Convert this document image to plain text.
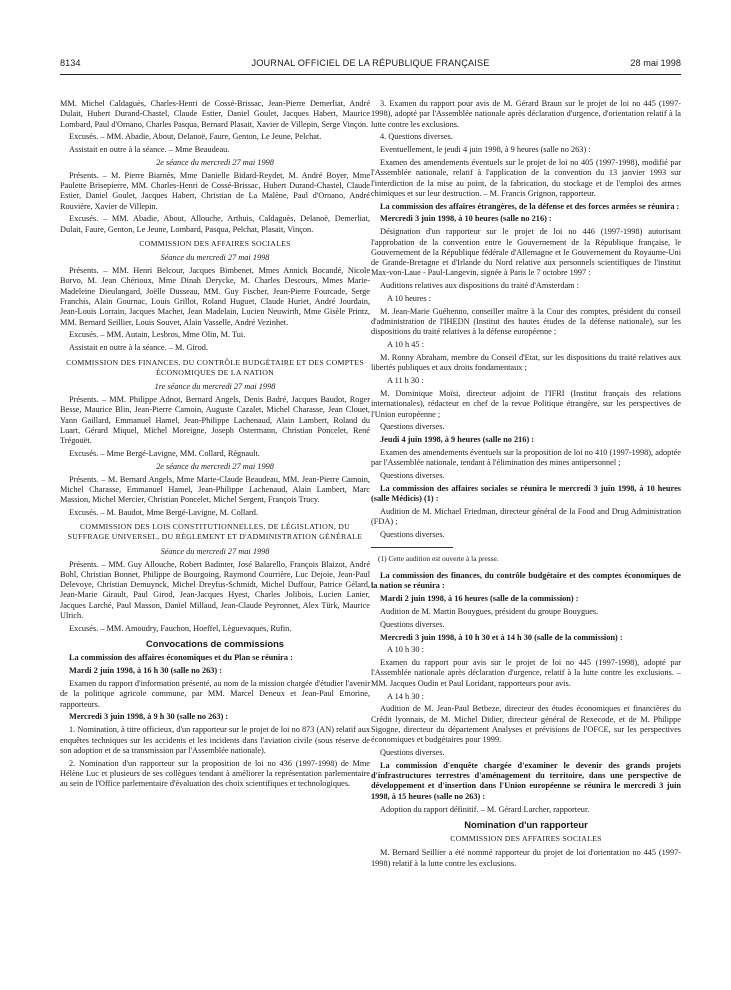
8134	JOURNAL OFFICIEL DE LA RÉPUBLIQUE FRANÇAISE	28 mai 1998

MM. Michel Caldaguès, Charles-Henri de Cossé-Brissac, Jean-Pierre Demerliat, André Dulait, Hubert Durand-Chastel, Claude Estier, Daniel Goulet, Jacques Habert, Maurice Lombard, Paul d'Ornano, Charles Pasqua, Bernard Plasait, Xavier de Villepin, Serge Vinçon.

Excusés. – MM. Abadie, About, Delanoë, Faure, Genton, Le Jeune, Pelchat.

Assistait en outre à la séance. – Mme Beaudeau.

2e séance du mercredi 27 mai 1998

Présents. – M. Pierre Biarnès, Mme Danielle Bidard-Reydet, M. André Boyer, Mme Paulette Brisepierre, MM. Charles-Henri de Cossé-Brissac, Hubert Durand-Chastel, Claude Estier, Daniel Goulet, Jacques Habert, Christian de La Malène, Paul d'Ornano, André Rouvière, Xavier de Villepin.

Excusés. – MM. Abadie, About, Allouche, Arthuis, Caldaguès, Delanoë, Demerliat, Dulait, Faure, Genton, Le Jeune, Lombard, Pasqua, Pelchat, Plasait, Vinçon.

COMMISSION DES AFFAIRES SOCIALES

Séance du mercredi 27 mai 1998

Présents. – MM. Henri Belcour, Jacques Bimbenet, Mmes Annick Bocandé, Nicole Borvo, M. Jean Chérioux, Mme Dinah Derycke, M. Charles Descours, Mmes Marie-Madeleine Dieulangard, Joëlle Dusseau, MM. Guy Fischer, Jean-Pierre Fourcade, Serge Franchis, Alain Gournac, Louis Grillot, Roland Huguet, Claude Huriet, André Jourdain, Jean-Louis Lorrain, Jacques Machet, Jean Madelain, Lucien Neuwirth, Mme Gisèle Printz, MM. Bernard Seillier, Louis Souvet, Alain Vasselle, André Vezinhet.

Excusés. – MM. Autain, Lesbros, Mme Olin, M. Tui.

Assistait en outre à la séance. – M. Girod.

COMMISSION DES FINANCES, DU CONTRÔLE BUDGÉTAIRE ET DES COMPTES ÉCONOMIQUES DE LA NATION

1re séance du mercredi 27 mai 1998

Présents. – MM. Philippe Adnot, Bernard Angels, Denis Badré, Jacques Baudot, Roger Besse, Maurice Blin, Jean-Pierre Camoin, Auguste Cazalet, Michel Charasse, Jean Clouet, Yann Gaillard, Emmanuel Hamel, Jean-Philippe Lachenaud, Alain Lambert, Roland du Luart, Gérard Miquel, Michel Moreigne, Joseph Ostermann, Christian Poncelet, René Trégouët.

Excusés. – Mme Bergé-Lavigne, MM. Collard, Régnault.

2e séance du mercredi 27 mai 1998

Présents. – M. Bernard Angels, Mme Marie-Claude Beaudeau, MM. Jean-Pierre Camoin, Michel Charasse, Emmanuel Hamel, Jean-Philippe Lachenaud, Alain Lambert, Marc Massion, Michel Mercier, Christian Poncelet, Michel Sergent, François Trucy.

Excusés. – M. Baudot, Mme Bergé-Lavigne, M. Collard.

COMMISSION DES LOIS CONSTITUTIONNELLES, DE LÉGISLATION, DU SUFFRAGE UNIVERSEL, DU RÈGLEMENT ET D'ADMINISTRATION GÉNÉRALE

Séance du mercredi 27 mai 1998

Présents. – MM. Guy Allouche, Robert Badinter, José Balarello, François Blaizot, André Bohl, Christian Bonnet, Philippe de Bourgoing, Raymond Courrière, Luc Dejoie, Jean-Paul Delevoye, Christian Demuynck, Michel Dreyfus-Schmidt, Michel Duffour, Patrice Gélard, Jean-Marie Girault, Paul Girod, Jean-Jacques Hyest, Charles Jolibois, Lucien Lanier, Jacques Larché, Paul Masson, Daniel Millaud, Jean-Claude Peyronnet, Alex Türk, Maurice Ulrich.

Excusés. – MM. Amoudry, Fauchon, Hoeffel, Lèguevaques, Rufin.

Convocations de commissions

La commission des affaires économiques et du Plan se réunira :

Mardi 2 juin 1998, à 16 h 30 (salle no 263) :

Examen du rapport d'information présenté, au nom de la mission chargée d'étudier l'avenir de la politique agricole commune, par MM. Marcel Deneux et Jean-Paul Emorine, rapporteurs.

Mercredi 3 juin 1998, à 9 h 30 (salle no 263) :

1. Nomination, à titre officieux, d'un rapporteur sur le projet de loi no 873 (AN) relatif aux enquêtes techniques sur les accidents et les incidents dans l'aviation civile (sous réserve de son adoption et de sa transmission par l'Assemblée nationale).

2. Nomination d'un rapporteur sur la proposition de loi no 436 (1997-1998) de Mme Hélène Luc et plusieurs de ses collègues tendant à améliorer la représentation parlementaire au sein de l'Office parlementaire d'évaluation des choix scientifiques et technologiques.

3. Examen du rapport pour avis de M. Gérard Braun sur le projet de loi no 445 (1997-1998), adopté par l'Assemblée nationale après déclaration d'urgence, d'orientation relatif à la lutte contre les exclusions.

4. Questions diverses.

Eventuellement, le jeudi 4 juin 1998, à 9 heures (salle no 263) :

Examen des amendements éventuels sur le projet de loi no 405 (1997-1998), modifié par l'Assemblée nationale, relatif à l'application de la convention du 13 janvier 1993 sur l'interdiction de la mise au point, de la fabrication, du stockage et de l'emploi des armes chimiques et sur leur destruction. – M. Francis Grignon, rapporteur.

La commission des affaires étrangères, de la défense et des forces armées se réunira :

Mercredi 3 juin 1998, à 10 heures (salle no 216) :

Désignation d'un rapporteur sur le projet de loi no 446 (1997-1998) autorisant l'approbation de la convention entre le Gouvernement de la République française, le Gouvernement de la République fédérale d'Allemagne et le Gouvernement du Royaume-Uni de Grande-Bretagne et d'Irlande du Nord relative aux personnels scientifiques de l'institut Max-von-Laue - Paul-Langevin, signée à Paris le 7 octobre 1997 :

Auditions relatives aux dispositions du traité d'Amsterdam :

A 10 heures :

M. Jean-Marie Guéhenno, conseiller maître à la Cour des comptes, président du conseil d'administration de l'IHEDN (Institut des hautes études de la défense nationale), sur les dispositions du traité relatives à la défense européenne ;

A 10 h 45 :

M. Ronny Abraham, membre du Conseil d'Etat, sur les dispositions du traité relatives aux libertés publiques et aux droits fondamentaux ;

A 11 h 30 :

M. Dominique Moïsi, directeur adjoint de l'IFRI (Institut français des relations internationales), rédacteur en chef de la revue Politique étrangère, sur les perspectives de l'Union européenne ;

Questions diverses.

Jeudi 4 juin 1998, à 9 heures (salle no 216) :

Examen des amendements éventuels sur la proposition de loi no 410 (1997-1998), adoptée par l'Assemblée nationale, tendant à l'élimination des mines antipersonnel ;

Questions diverses.

La commission des affaires sociales se réunira le mercredi 3 juin 1998, à 10 heures (salle Médicis) (1) :

Audition de M. Michael Friedman, directeur général de la Food and Drug Administration (FDA) ;

Questions diverses.

(1) Cette audition est ouverte à la presse.

La commission des finances, du contrôle budgétaire et des comptes économiques de la nation se réunira :

Mardi 2 juin 1998, à 16 heures (salle de la commission) :

Audition de M. Martin Bouygues, président du groupe Bouygues.

Questions diverses.

Mercredi 3 juin 1998, à 10 h 30 et à 14 h 30 (salle de la commission) :

A 10 h 30 :

Examen du rapport pour avis sur le projet de loi no 445 (1997-1998), adopté par l'Assemblée nationale après déclaration d'urgence, relatif à la lutte contre les exclusions. – MM. Jacques Oudin et Paul Loridant, rapporteurs pour avis.

A 14 h 30 :

Audition de M. Jean-Paul Betbeze, directeur des études économiques et financières du Crédit lyonnais, de M. Michel Didier, directeur général de Rexecode, et de M. Philippe Sigogne, directeur du département Analyses et prévisions de l'OFCE, sur les perspectives économiques et budgétaires pour 1999.

Questions diverses.

La commission d'enquête chargée d'examiner le devenir des grands projets d'infrastructures terrestres d'aménagement du territoire, dans une perspective de développement et d'insertion dans l'Union européenne se réunira le mercredi 3 juin 1998, à 15 heures (salle no 263) :

Adoption du rapport définitif. – M. Gérard Larcher, rapporteur.

Nomination d'un rapporteur

COMMISSION DES AFFAIRES SOCIALES

M. Bernard Seillier a été nommé rapporteur du projet de loi d'orientation no 445 (1997-1998) relatif à la lutte contre les exclusions.
